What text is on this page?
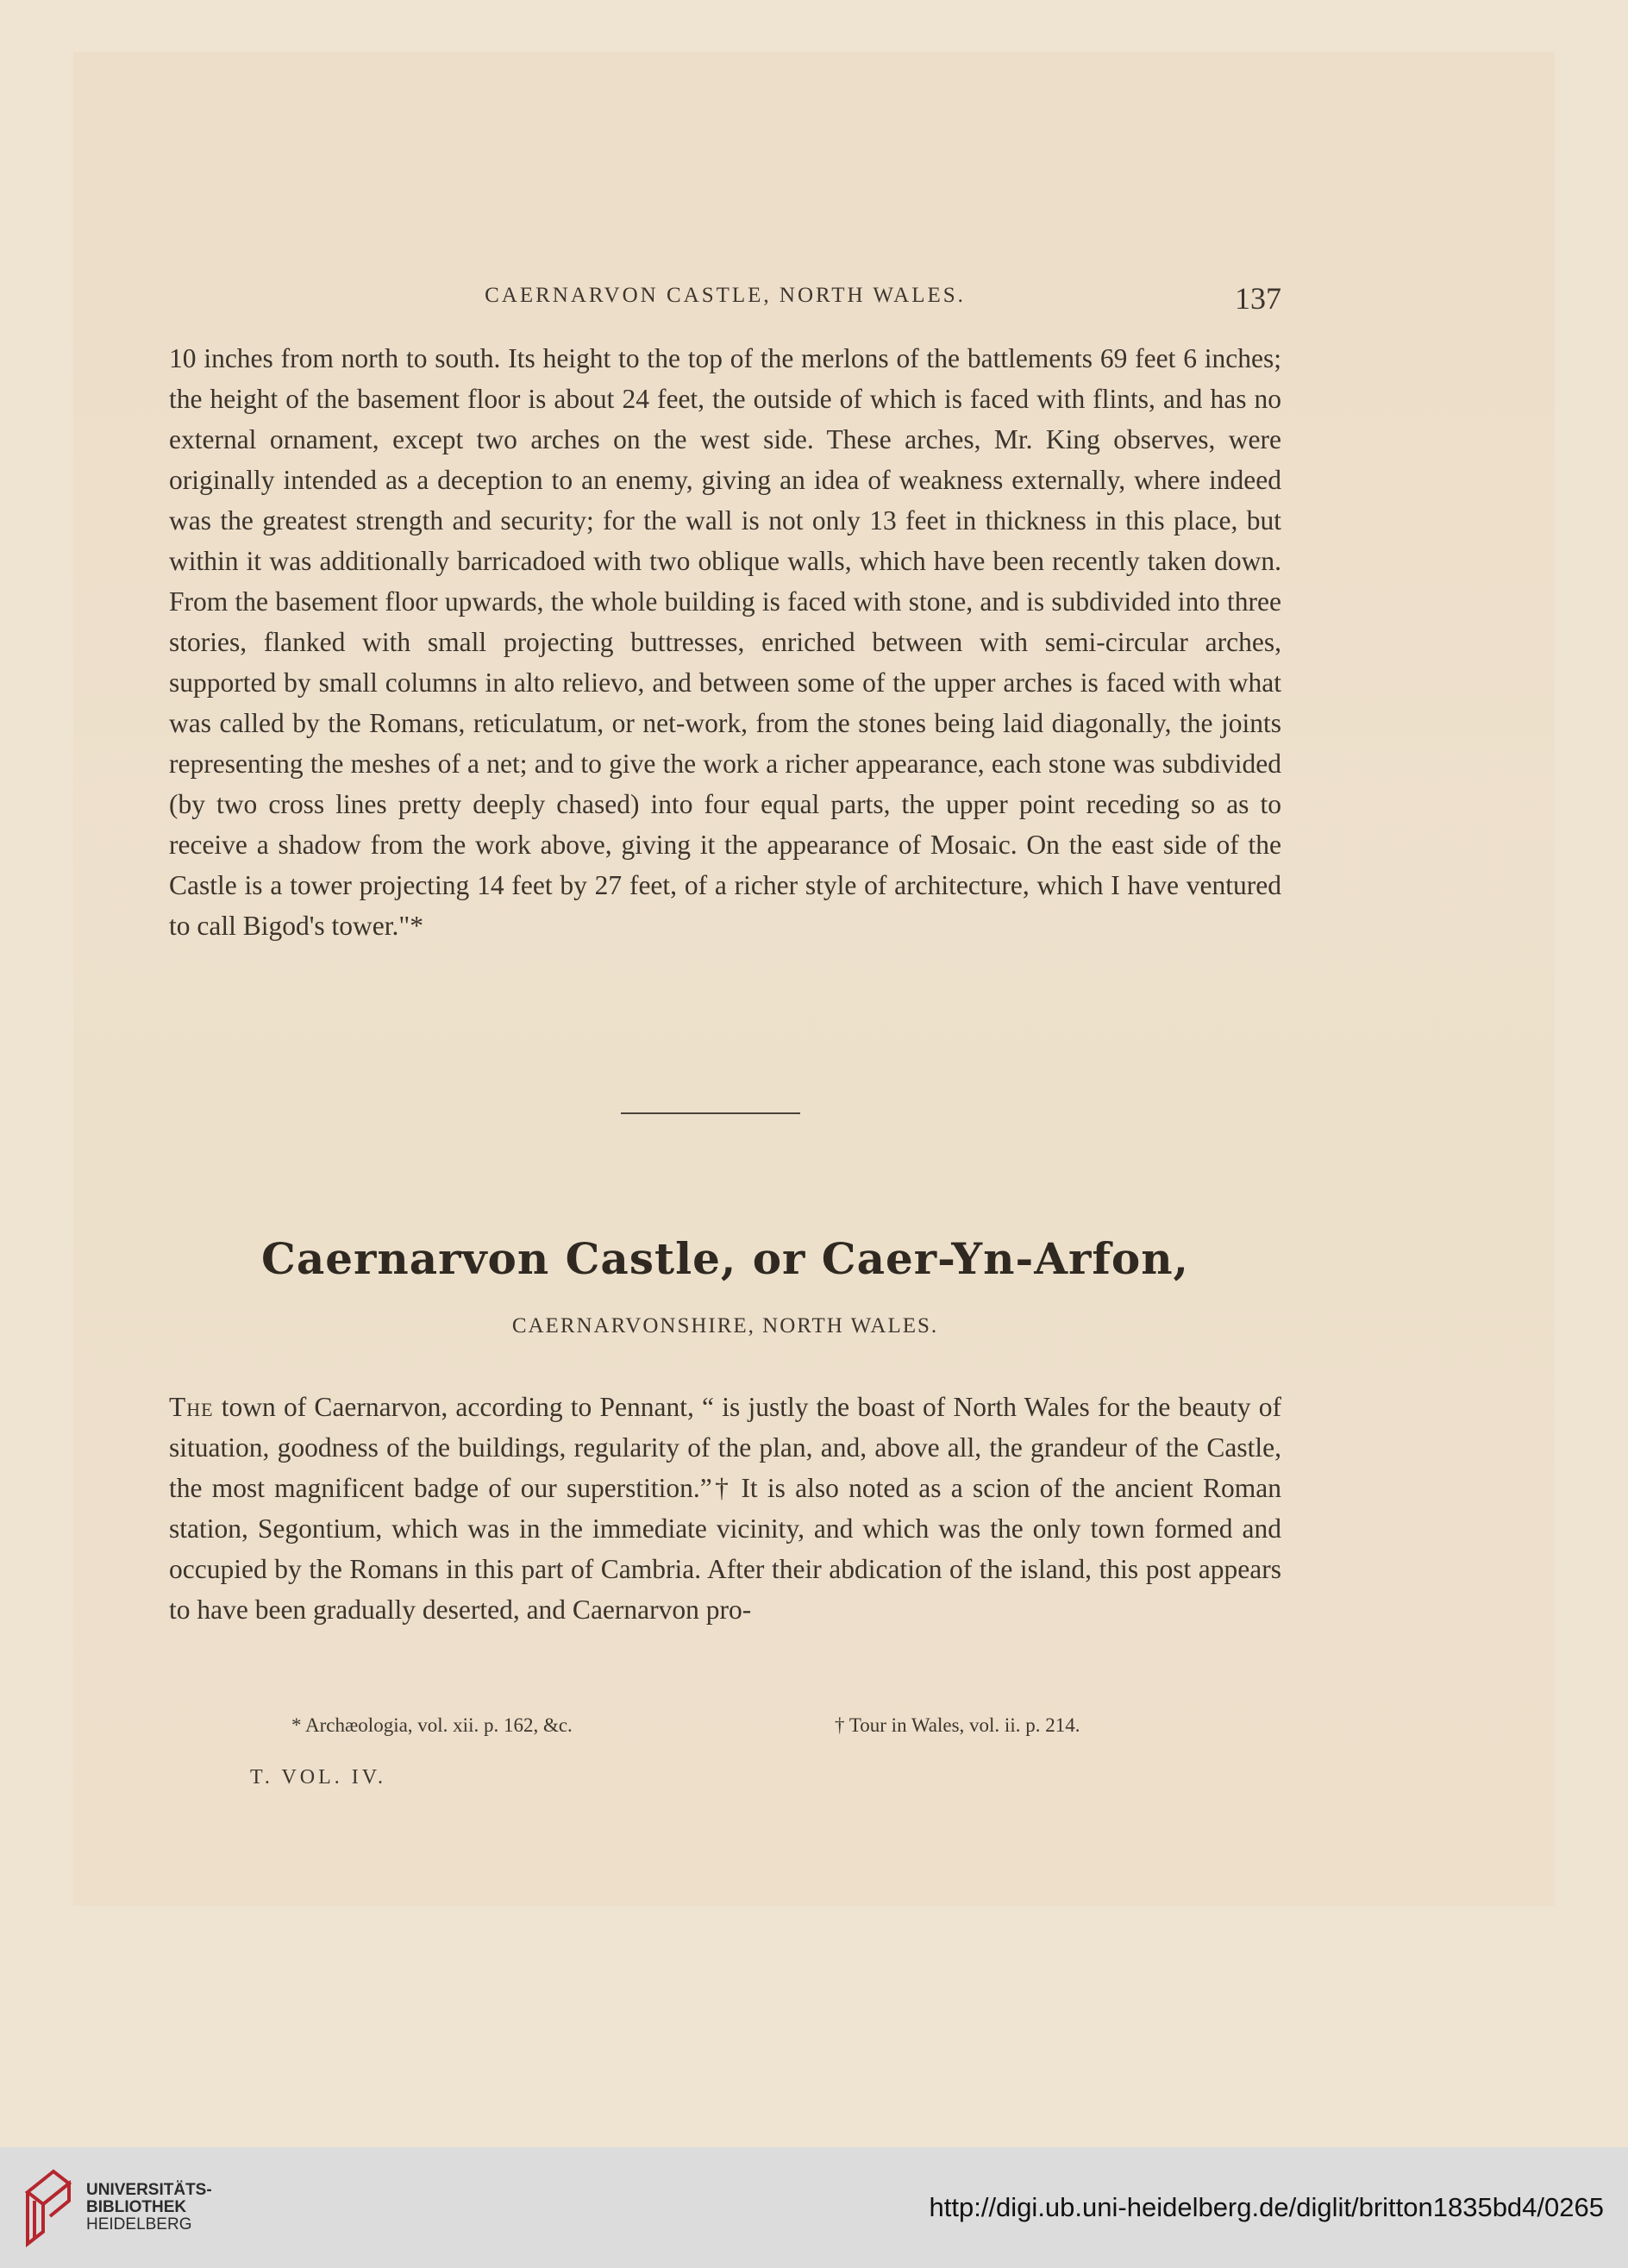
CAERNARVON CASTLE, NORTH WALES.	137
10 inches from north to south. Its height to the top of the merlons of the battlements 69 feet 6 inches; the height of the basement floor is about 24 feet, the outside of which is faced with flints, and has no external ornament, except two arches on the west side. These arches, Mr. King observes, were originally intended as a deception to an enemy, giving an idea of weakness externally, where indeed was the greatest strength and security; for the wall is not only 13 feet in thickness in this place, but within it was additionally barricadoed with two oblique walls, which have been recently taken down. From the basement floor upwards, the whole building is faced with stone, and is subdivided into three stories, flanked with small projecting buttresses, enriched between with semi-circular arches, supported by small columns in alto relievo, and between some of the upper arches is faced with what was called by the Romans, reticulatum, or net-work, from the stones being laid diagonally, the joints representing the meshes of a net; and to give the work a richer appearance, each stone was subdivided (by two cross lines pretty deeply chased) into four equal parts, the upper point receding so as to receive a shadow from the work above, giving it the appearance of Mosaic. On the east side of the Castle is a tower projecting 14 feet by 27 feet, of a richer style of architecture, which I have ventured to call Bigod's tower."*
Caernarvon Castle, or Caer-Yn-Arfon,
CAERNARVONSHIRE, NORTH WALES.
The town of Caernarvon, according to Pennant, “ is justly the boast of North Wales for the beauty of situation, goodness of the buildings, regularity of the plan, and, above all, the grandeur of the Castle, the most magnificent badge of our superstition.”† It is also noted as a scion of the ancient Roman station, Segontium, which was in the immediate vicinity, and which was the only town formed and occupied by the Romans in this part of Cambria. After their abdication of the island, this post appears to have been gradually deserted, and Caernarvon pro-
* Archæologia, vol. xii. p. 162, &c.	† Tour in Wales, vol. ii. p. 214.
T. VOL. IV.
UNIVERSITÄTS-
BIBLIOTHEK
HEIDELBERG
http://digi.ub.uni-heidelberg.de/diglit/britton1835bd4/0265
